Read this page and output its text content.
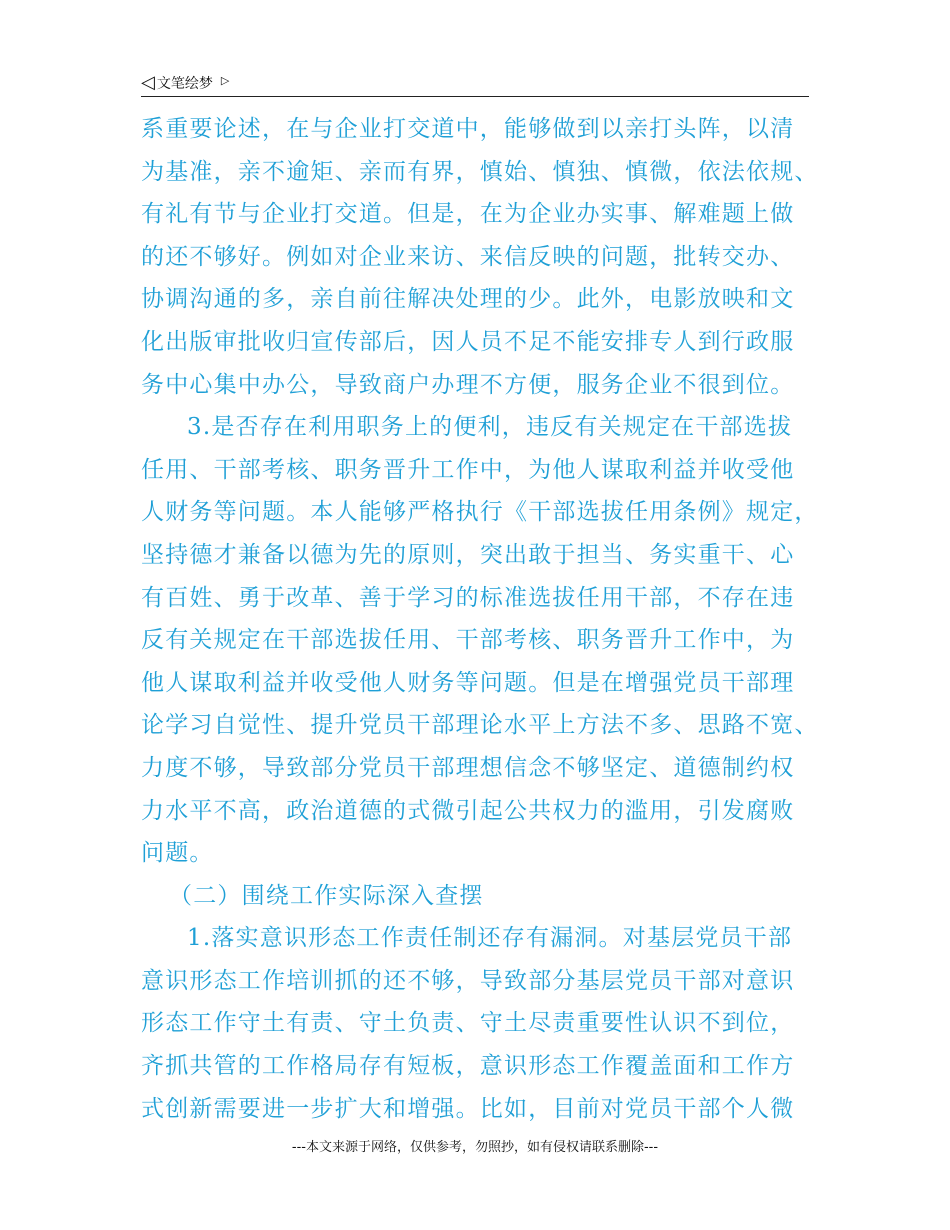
◁ 文笔绘梦 ▷
系重要论述，在与企业打交道中，能够做到以亲打头阵，以清
为基准，亲不逾矩、亲而有界，慎始、慎独、慎微，依法依规、
有礼有节与企业打交道。但是，在为企业办实事、解难题上做
的还不够好。例如对企业来访、来信反映的问题，批转交办、
协调沟通的多，亲自前往解决处理的少。此外，电影放映和文
化出版审批收归宣传部后，因人员不足不能安排专人到行政服
务中心集中办公，导致商户办理不方便，服务企业不很到位。
3.是否存在利用职务上的便利，违反有关规定在干部选拔
任用、干部考核、职务晋升工作中，为他人谋取利益并收受他
人财务等问题。本人能够严格执行《干部选拔任用条例》规定，
坚持德才兼备以德为先的原则，突出敢于担当、务实重干、心
有百姓、勇于改革、善于学习的标准选拔任用干部，不存在违
反有关规定在干部选拔任用、干部考核、职务晋升工作中，为
他人谋取利益并收受他人财务等问题。但是在增强党员干部理
论学习自觉性、提升党员干部理论水平上方法不多、思路不宽、
力度不够，导致部分党员干部理想信念不够坚定、道德制约权
力水平不高，政治道德的式微引起公共权力的滥用，引发腐败
问题。
（二）围绕工作实际深入查摆
1.落实意识形态工作责任制还存有漏洞。对基层党员干部
意识形态工作培训抓的还不够，导致部分基层党员干部对意识
形态工作守土有责、守土负责、守土尽责重要性认识不到位，
齐抓共管的工作格局存有短板，意识形态工作覆盖面和工作方
式创新需要进一步扩大和增强。比如，目前对党员干部个人微
---本文来源于网络，仅供参考，勿照抄，如有侵权请联系删除---
